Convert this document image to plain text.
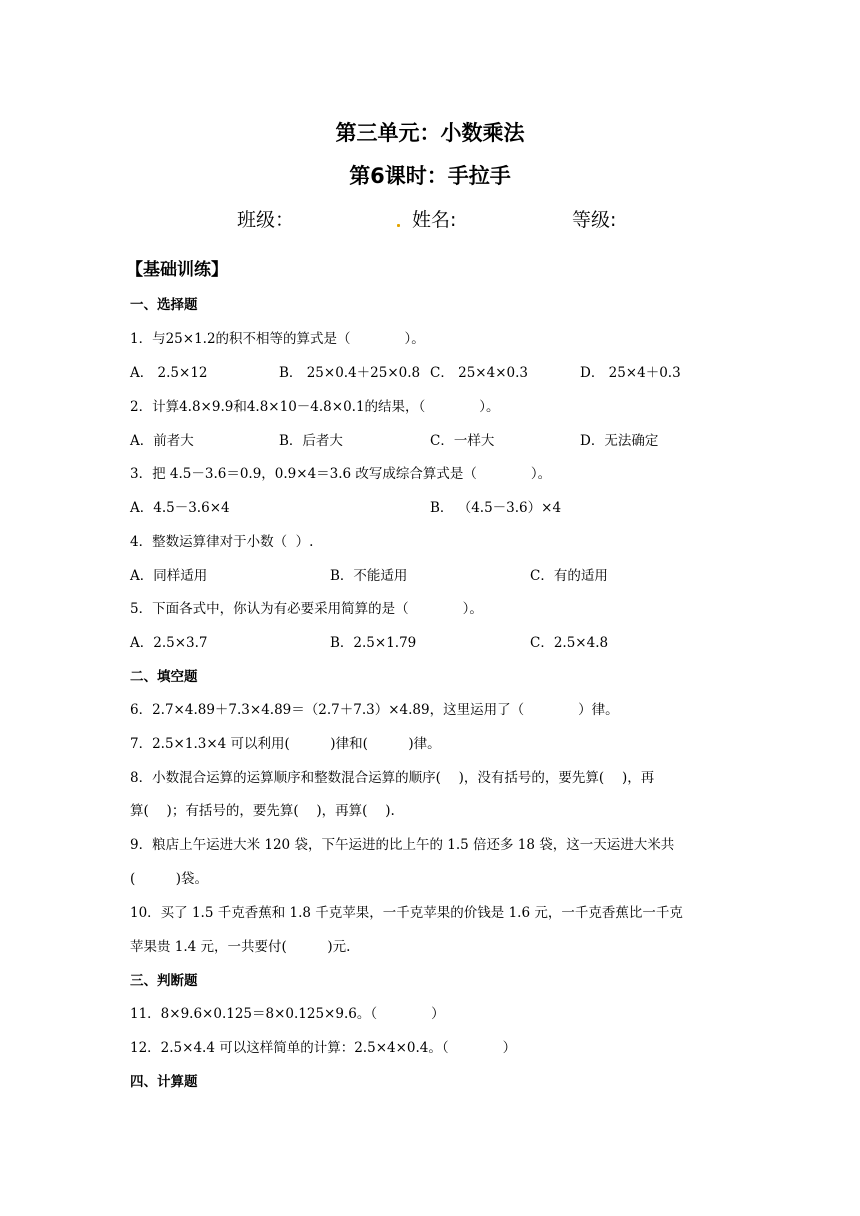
第三单元：小数乘法
第6课时：手拉手
班级：	姓名:	等级:
【基础训练】
一、选择题
1．与25×1.2的积不相等的算式是（　　　　）。
A． 2.5×12	B． 25×0.4＋25×0.8 C． 25×4×0.3	D． 25×4＋0.3
2．计算4.8×9.9和4.8×10－4.8×0.1的结果，（　　　　）。
A．前者大	B．后者大	C．一样大	D．无法确定
3．把 4.5－3.6＝0.9，0.9×4＝3.6 改写成综合算式是（　　　　）。
A．4.5－3.6×4	B． （4.5－3.6）×4
4．整数运算律对于小数（  ）.
A．同样适用	B．不能适用	C．有的适用
5．下面各式中，你认为有必要采用简算的是（　　　　）。
A．2.5×3.7	B．2.5×1.79	C．2.5×4.8
二、填空题
6．2.7×4.89＋7.3×4.89＝（2.7＋7.3）×4.89，这里运用了（　　　　）律。
7．2.5×1.3×4 可以利用(　　　)律和(　　　)律。
8．小数混合运算的运算顺序和整数混合运算的顺序(　 )，没有括号的，要先算(　 )，再
算(　 )；有括号的，要先算(　 )，再算(　 ).
9．粮店上午运进大米 120 袋，下午运进的比上午的 1.5 倍还多 18 袋，这一天运进大米共
(　　　)袋。
10．买了 1.5 千克香蕉和 1.8 千克苹果，一千克苹果的价钱是 1.6 元，一千克香蕉比一千克
苹果贵 1.4 元，一共要付(　　　)元.
三、判断题
11．8×9.6×0.125＝8×0.125×9.6。（　　　　）
12．2.5×4.4 可以这样简单的计算：2.5×4×0.4。（　　　　）
四、计算题
